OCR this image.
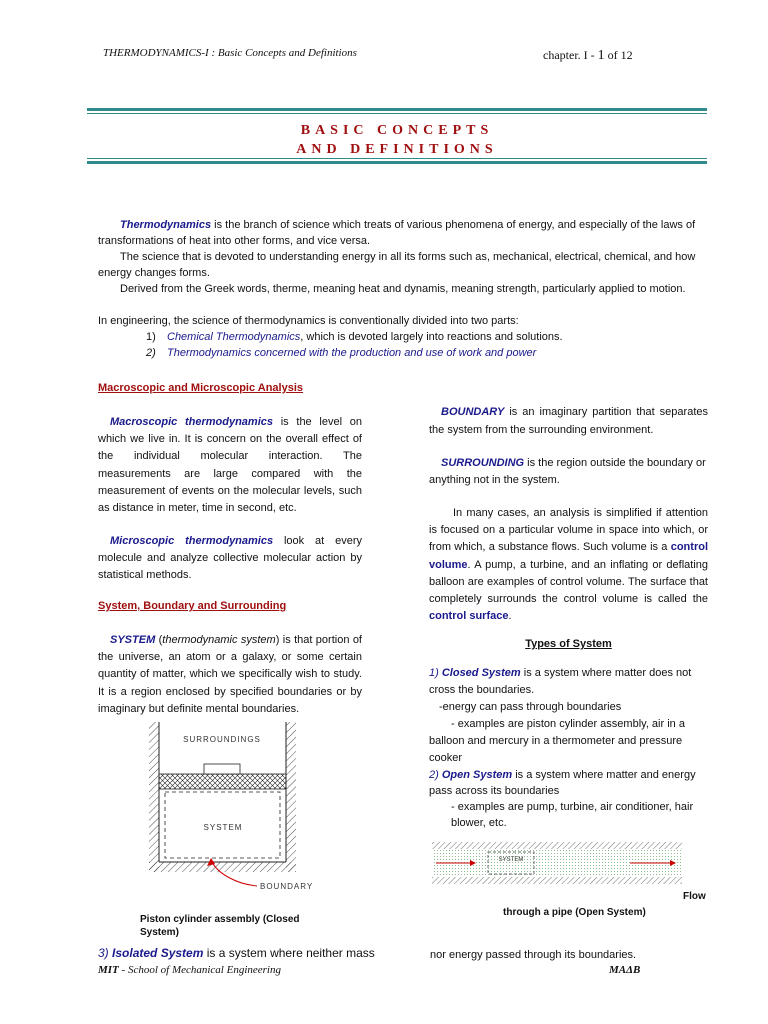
THERMODYNAMICS-I : Basic Concepts and Definitions	chapter. I - 1 of 12
BASIC CONCEPTS
AND DEFINITIONS
Thermodynamics is the branch of science which treats of various phenomena of energy, and especially of the laws of transformations of heat into other forms, and vice versa.
The science that is devoted to understanding energy in all its forms such as, mechanical, electrical, chemical, and how energy changes forms.
Derived from the Greek words, therme, meaning heat and dynamis, meaning strength, particularly applied to motion.
In engineering, the science of thermodynamics is conventionally divided into two parts:
1) Chemical Thermodynamics, which is devoted largely into reactions and solutions.
2) Thermodynamics concerned with the production and use of work and power
Macroscopic and Microscopic Analysis
Macroscopic thermodynamics is the level on which we live in. It is concern on the overall effect of the individual molecular interaction. The measurements are large compared with the measurement of events on the molecular levels, such as distance in meter, time in second, etc.
Microscopic thermodynamics look at every molecule and analyze collective molecular action by statistical methods.
System, Boundary and Surrounding
SYSTEM (thermodynamic system) is that portion of the universe, an atom or a galaxy, or some certain quantity of matter, which we specifically wish to study. It is a region enclosed by specified boundaries or by imaginary but definite mental boundaries.
SURROUNDINGS
SYSTEM
BOUNDARY
Piston cylinder assembly (Closed System)
3) Isolated System is a system where neither mass
BOUNDARY is an imaginary partition that separates the system from the surrounding environment.
SURROUNDING is the region outside the boundary or anything not in the system.
In many cases, an analysis is simplified if attention is focused on a particular volume in space into which, or from which, a substance flows. Such volume is a control volume. A pump, a turbine, and an inflating or deflating balloon are examples of control volume. The surface that completely surrounds the control volume is called the control surface.
Types of System
1) Closed System is a system where matter does not cross the boundaries.
-energy can pass through boundaries
- examples are piston cylinder assembly, air in a balloon and mercury in a thermometer and pressure cooker
2) Open System is a system where matter and energy pass across its boundaries
- examples are pump, turbine, air conditioner, hair blower, etc.
SYSTEM
Flow
through a pipe (Open System)
nor energy passed through its boundaries.
MIT - School of Mechanical Engineering	MAΔB
